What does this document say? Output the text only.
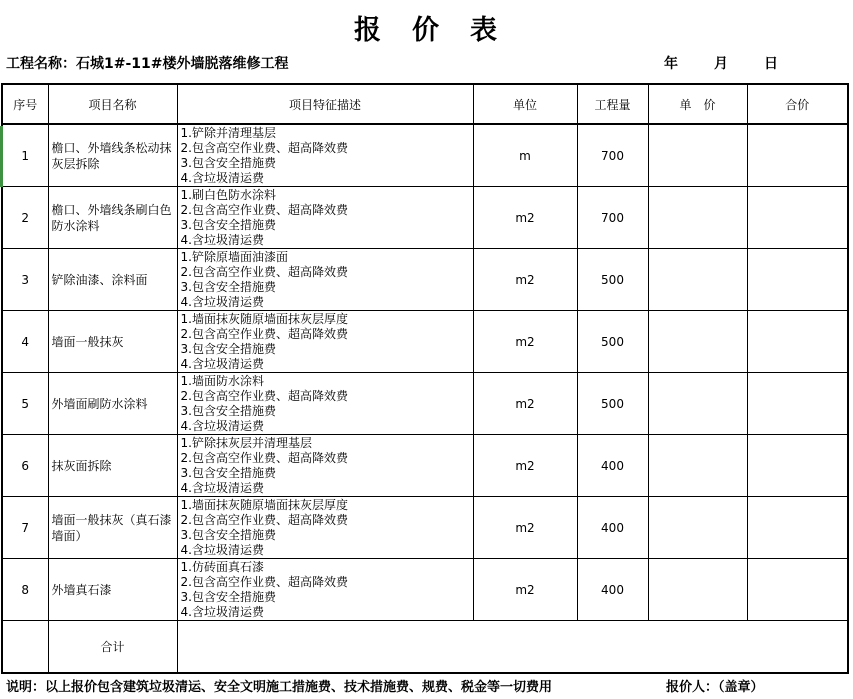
报　价　表
工程名称：石城1#-11#楼外墙脱落维修工程	年	月	日
序号	项目名称	项目特征描述	单位	工程量	单　价	合价
1	檐口、外墙线条松动抹灰层拆除	1.铲除并清理基层
2.包含高空作业费、超高降效费
3.包含安全措施费
4.含垃圾清运费	m	700		
2	檐口、外墙线条刷白色防水涂料	1.刷白色防水涂料
2.包含高空作业费、超高降效费
3.包含安全措施费
4.含垃圾清运费	m2	700		
3	铲除油漆、涂料面	1.铲除原墙面油漆面
2.包含高空作业费、超高降效费
3.包含安全措施费
4.含垃圾清运费	m2	500		
4	墙面一般抹灰	1.墙面抹灰随原墙面抹灰层厚度
2.包含高空作业费、超高降效费
3.包含安全措施费
4.含垃圾清运费	m2	500		
5	外墙面刷防水涂料	1.墙面防水涂料
2.包含高空作业费、超高降效费
3.包含安全措施费
4.含垃圾清运费	m2	500		
6	抹灰面拆除	1.铲除抹灰层并清理基层
2.包含高空作业费、超高降效费
3.包含安全措施费
4.含垃圾清运费	m2	400		
7	墙面一般抹灰（真石漆墙面）	1.墙面抹灰随原墙面抹灰层厚度
2.包含高空作业费、超高降效费
3.包含安全措施费
4.含垃圾清运费	m2	400		
8	外墙真石漆	1.仿砖面真石漆
2.包含高空作业费、超高降效费
3.包含安全措施费
4.含垃圾清运费	m2	400		
	合计					
说明：以上报价包含建筑垃圾清运、安全文明施工措施费、技术措施费、规费、税金等一切费用	报价人：（盖章）
